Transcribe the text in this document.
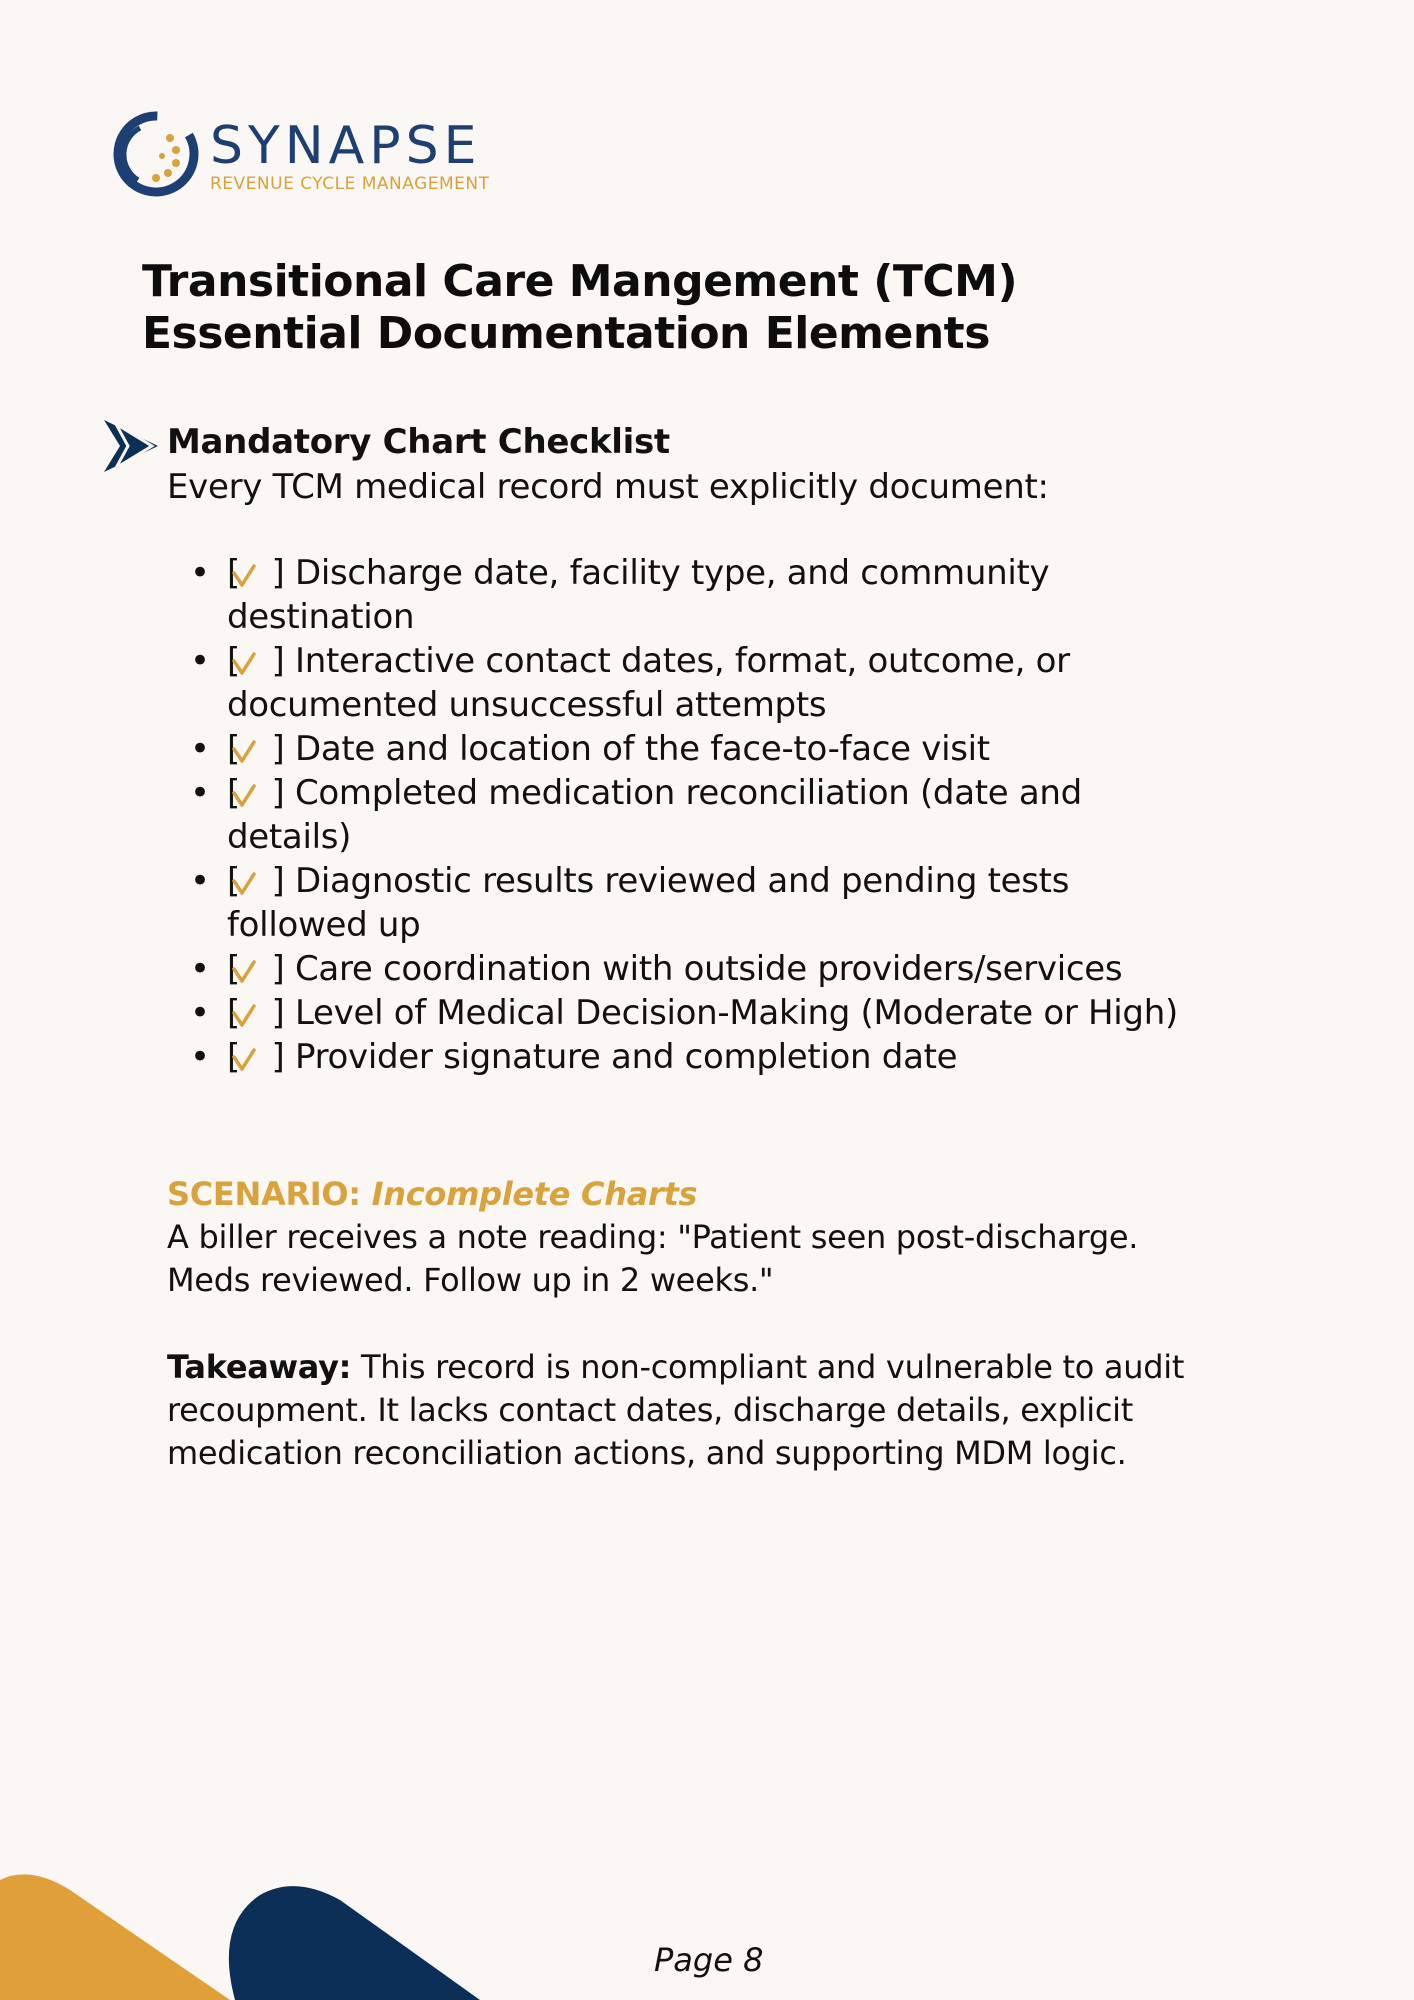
SYNAPSE
REVENUE CYCLE MANAGEMENT
Transitional Care Mangement (TCM)
Essential Documentation Elements
Mandatory Chart Checklist
Every TCM medical record must explicitly document:
• [
] Discharge date, facility type, and community
destination
• [
] Interactive contact dates, format, outcome, or
documented unsuccessful attempts
• [
] Date and location of the face-to-face visit
• [
] Completed medication reconciliation (date and
details)
• [
] Diagnostic results reviewed and pending tests
followed up
• [
] Care coordination with outside providers/services
• [
] Level of Medical Decision-Making (Moderate or High)
• [
] Provider signature and completion date
SCENARIO: Incomplete Charts
A biller receives a note reading: "Patient seen post-discharge.
Meds reviewed. Follow up in 2 weeks."
Takeaway: This record is non-compliant and vulnerable to audit
recoupment. It lacks contact dates, discharge details, explicit
medication reconciliation actions, and supporting MDM logic.
Page 8
